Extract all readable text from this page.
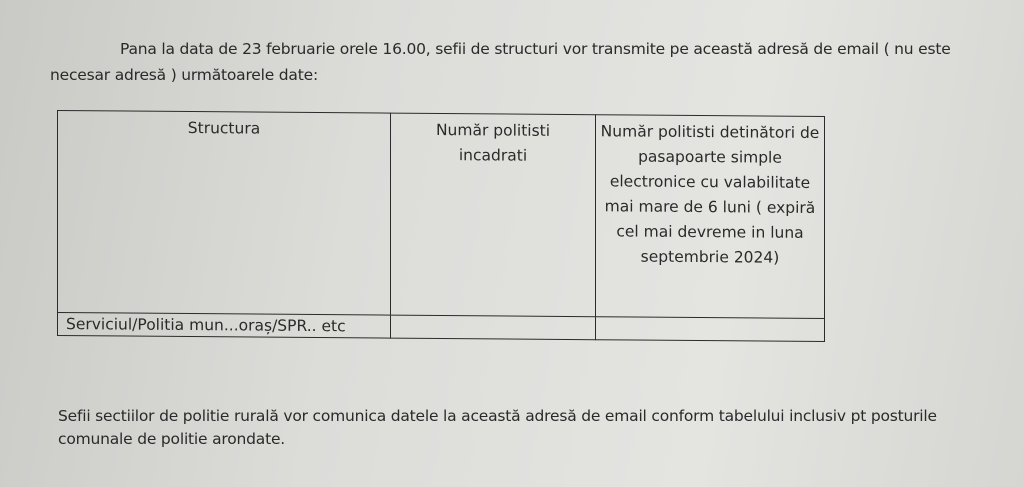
Pana la data de 23 februarie orele 16.00, sefii de structuri vor transmite pe această adresă de email ( nu este necesar adresă ) următoarele date:

Structura	Număr politisti incadrati	Număr politisti detinători de pasapoarte simple electronice cu valabilitate mai mare de 6 luni ( expiră cel mai devreme in luna septembrie 2024)
Serviciul/Politia mun...oraș/SPR.. etc		

Sefii sectiilor de politie rurală vor comunica datele la această adresă de email conform tabelului inclusiv pt posturile comunale de politie arondate.
